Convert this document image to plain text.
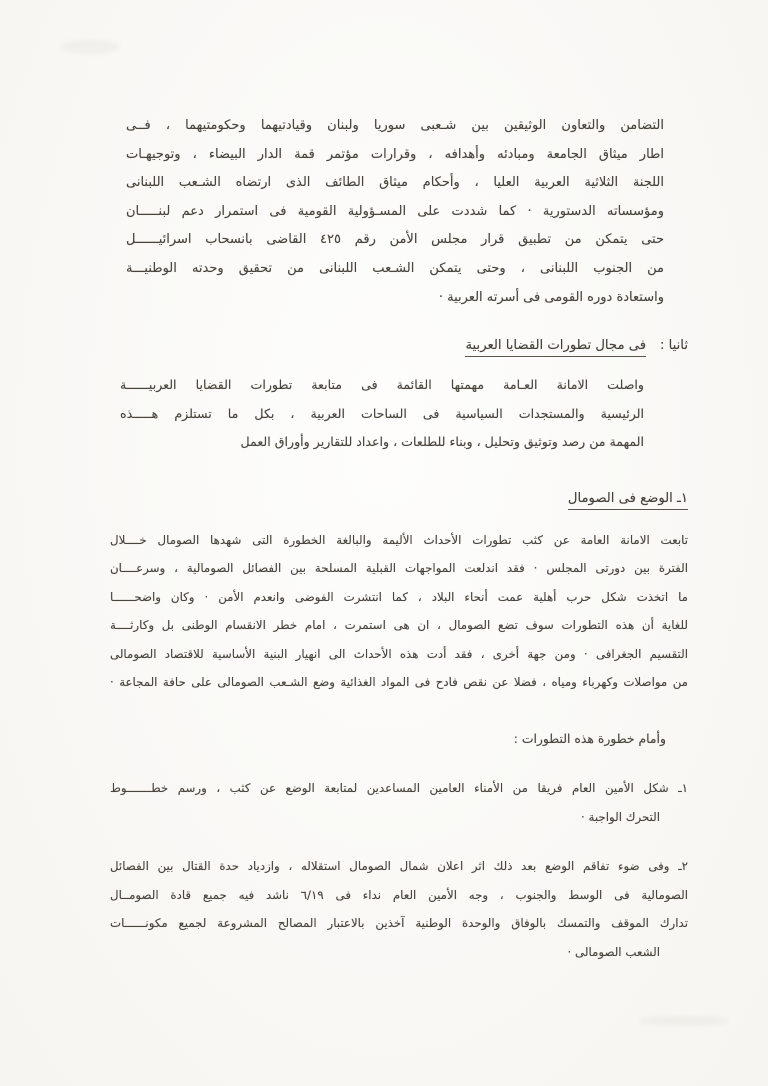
التضامن والتعاون الوثيقين بين شـعبى سوريا ولبنان وقيادتيهما وحكومتيهما ، فــى
اطار ميثاق الجامعة ومبادئه وأهدافه ، وقرارات مؤتمر قمة الدار البيضاء ، وتوجيهـات
اللجنة الثلاثية العربية العليا ، وأحكام ميثاق الطائف الذى ارتضاه الشـعب اللبنانى
ومؤسساته الدستورية · كما شددت على المسـؤولية القومية فى استمرار دعم لبنـــــان
حتى يتمكن من تطبيق قرار مجلس الأمن رقم ٤٢٥ القاضى بانسحاب اسرائيــــــل
من الجنوب اللبنانى ، وحتى يتمكن الشـعب اللبنانى من تحقيق وحدته الوطنيـــة
واستعادة دوره القومى فى أسرته العربية ·
ثانيا :
فى مجال تطورات القضايا العربية
واصلت الامانة العـامة مهمتها القائمة فى متابعة تطورات القضايا العربيــــــة
الرئيسية والمستجدات السياسية فى الساحات العربية ، بكل ما تستلزم هـــــذه
المهمة من رصد وتوثيق وتحليل ، وبناء للطلعات ، واعداد للتقارير وأوراق العمل
١ـ الوضع فى الصومال
تابعت الامانة العامة عن كثب تطورات الأحداث الأليمة والبالغة الخطورة التى شهدها الصومال خــــلال
الفترة بين دورتى المجلس · فقد اندلعت المواجهات القبلية المسلحة بين الفصائل الصومالية ، وسرعــــان
ما اتخذت شكل حرب أهلية عمت أنحاء البلاد ، كما انتشرت الفوضى وانعدم الأمن · وكان واضحــــــا
للغاية أن هذه التطورات سوف تضع الصومال ، ان هى استمرت ، امام خطر الانقسام الوطنى بل وكارثــــة
التقسيم الجغرافى · ومن جهة أخرى ، فقد أدت هذه الأحداث الى انهيار البنية الأساسية للاقتصاد الصومالى
من مواصلات وكهرباء ومياه ، فضلا عن نقص فادح فى المواد الغذائية وضع الشـعب الصومالى على حافة المجاعة ·
وأمام خطورة هذه التطورات :
١ـ شكل الأمين العام فريقا من الأمناء العامين المساعدين لمتابعة الوضع عن كثب ، ورسم خطـــــــوط
التحرك الواجبة ·
٢ـ وفى ضوء تفاقم الوضع بعد ذلك اثر اعلان شمال الصومال استقلاله ، وازدياد حدة القتال بين الفصائل
الصومالية فى الوسط والجنوب ، وجه الأمين العام نداء فى ٦/١٩ ناشد فيه جميع قادة الصومــال
تدارك الموقف والتمسك بالوفاق والوحدة الوطنية آخذين بالاعتبار المصالح المشروعة لجميع مكونــــــات
الشعب الصومالى ·
